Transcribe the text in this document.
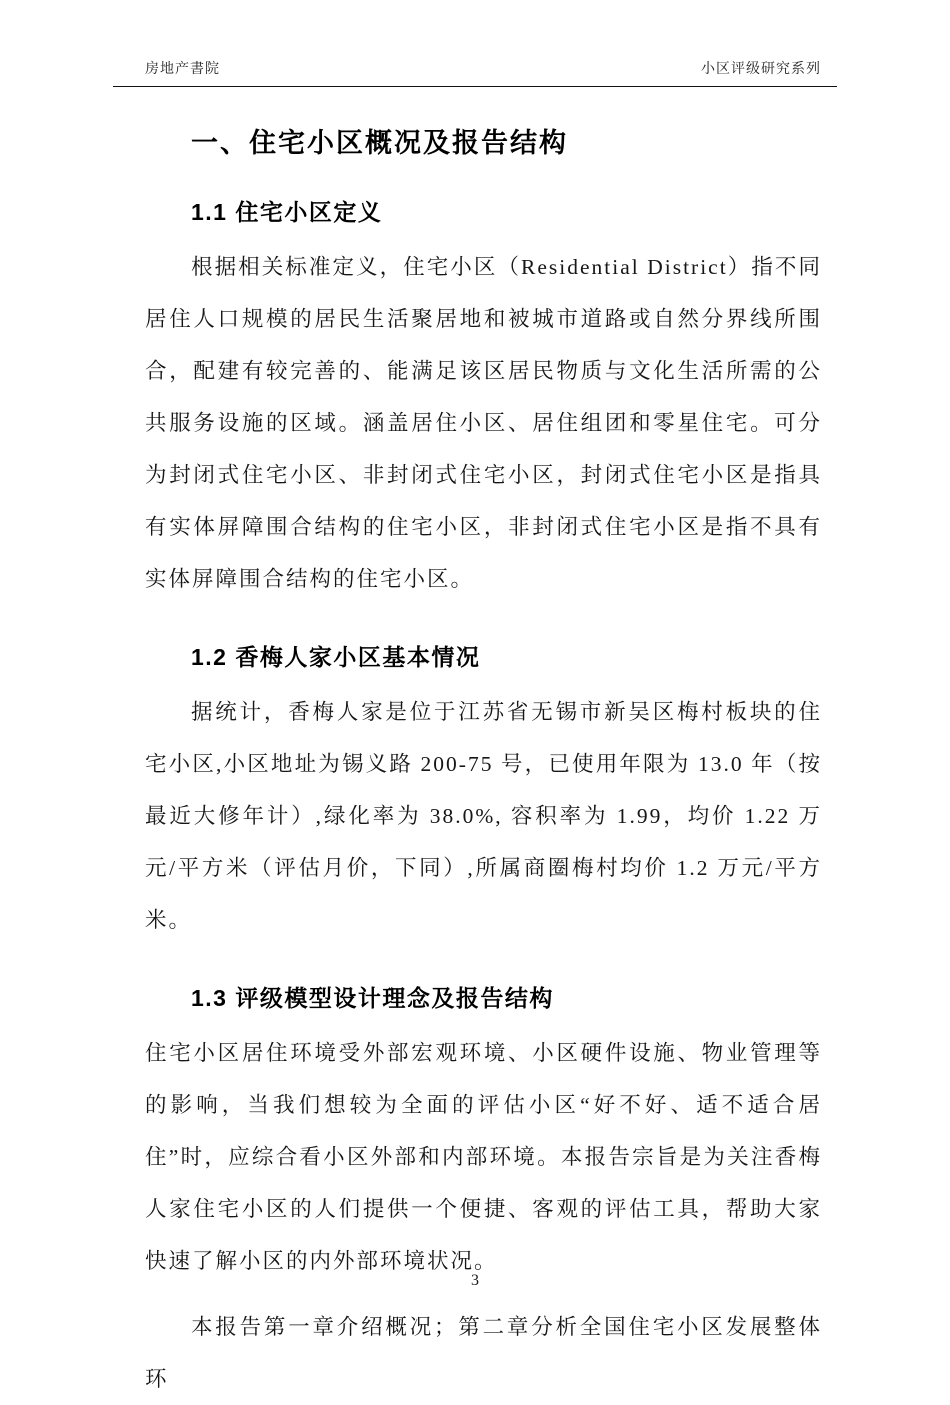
房地产書院	小区评级研究系列
一、住宅小区概况及报告结构
1.1 住宅小区定义

根据相关标准定义，住宅小区（Residential District）指不同居住人口规模的居民生活聚居地和被城市道路或自然分界线所围合，配建有较完善的、能满足该区居民物质与文化生活所需的公共服务设施的区域。涵盖居住小区、居住组团和零星住宅。可分为封闭式住宅小区、非封闭式住宅小区，封闭式住宅小区是指具有实体屏障围合结构的住宅小区，非封闭式住宅小区是指不具有实体屏障围合结构的住宅小区。

1.2 香梅人家小区基本情况

据统计，香梅人家是位于江苏省无锡市新吴区梅村板块的住宅小区,小区地址为锡义路 200-75 号，已使用年限为 13.0 年（按最近大修年计）,绿化率为 38.0%, 容积率为 1.99，均价 1.22 万元/平方米（评估月价，下同）,所属商圈梅村均价 1.2 万元/平方米。

1.3 评级模型设计理念及报告结构

住宅小区居住环境受外部宏观环境、小区硬件设施、物业管理等的影响，当我们想较为全面的评估小区“好不好、适不适合居住”时，应综合看小区外部和内部环境。本报告宗旨是为关注香梅人家住宅小区的人们提供一个便捷、客观的评估工具，帮助大家快速了解小区的内外部环境状况。

本报告第一章介绍概况；第二章分析全国住宅小区发展整体环

3
